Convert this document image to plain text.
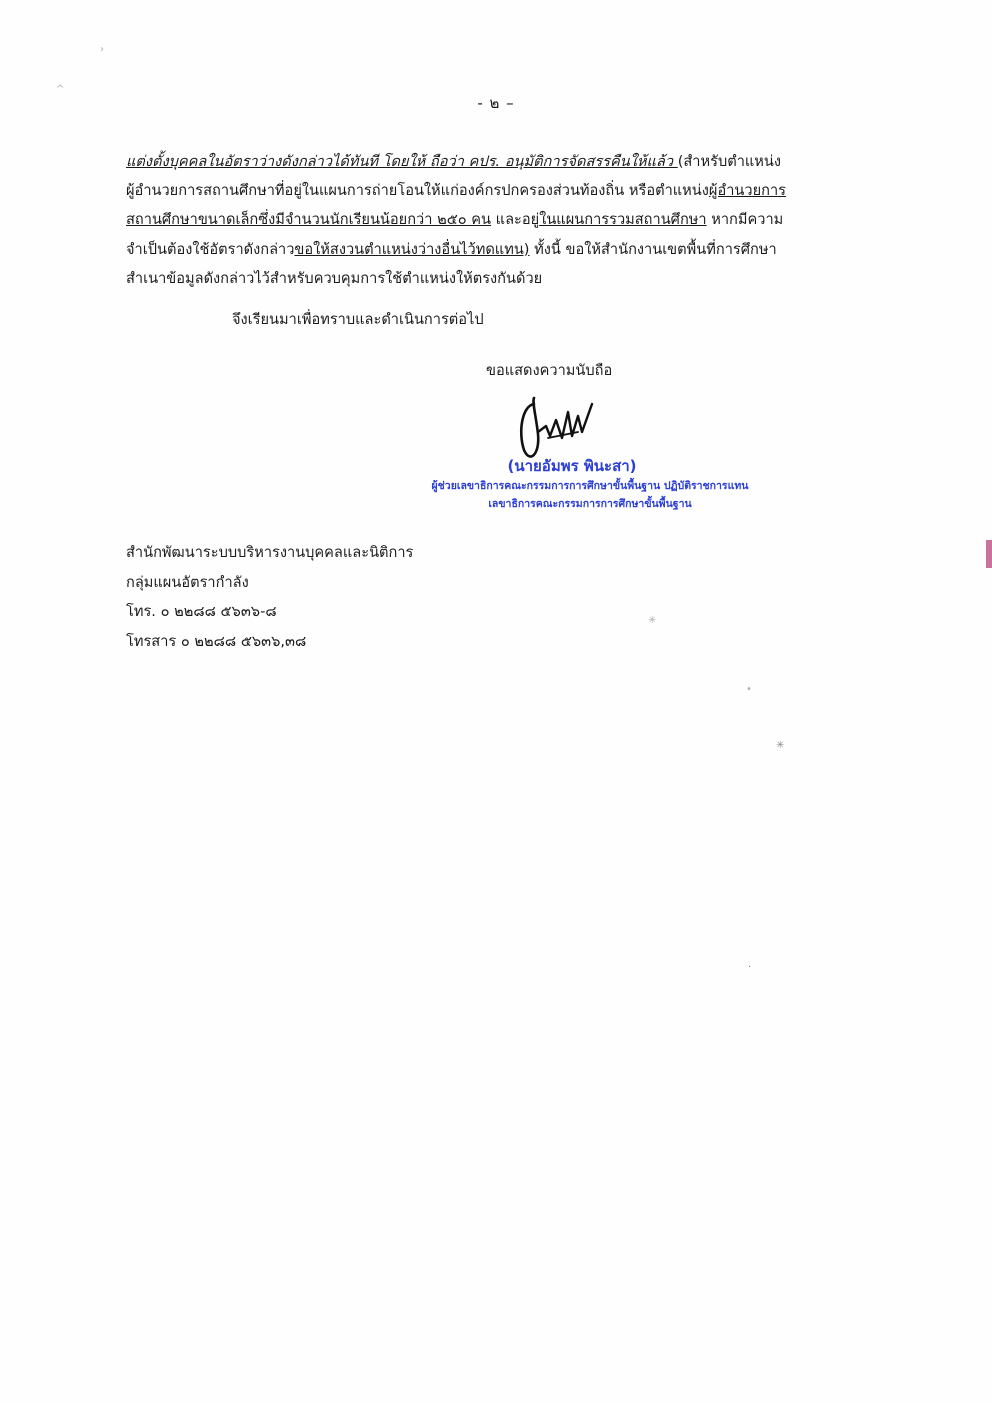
- ๒ –
แต่งตั้งบุคคลในอัตราว่างดังกล่าวได้ทันที โดยให้ ถือว่า คปร. อนุมัติการจัดสรรคืนให้แล้ว (สำหรับตำแหน่ง
ผู้อำนวยการสถานศึกษาที่อยู่ในแผนการถ่ายโอนให้แก่องค์กรปกครองส่วนท้องถิ่น หรือตำแหน่งผู้อำนวยการ
สถานศึกษาขนาดเล็กซึ่งมีจำนวนนักเรียนน้อยกว่า ๒๕๐ คน และอยู่ในแผนการรวมสถานศึกษา หากมีความ
จำเป็นต้องใช้อัตราดังกล่าวขอให้สงวนตำแหน่งว่างอื่นไว้ทดแทน) ทั้งนี้ ขอให้สำนักงานเขตพื้นที่การศึกษา
สำเนาข้อมูลดังกล่าวไว้สำหรับควบคุมการใช้ตำแหน่งให้ตรงกันด้วย
จึงเรียนมาเพื่อทราบและดำเนินการต่อไป
ขอแสดงความนับถือ
(นายอัมพร พินะสา)
ผู้ช่วยเลขาธิการคณะกรรมการการศึกษาขั้นพื้นฐาน ปฏิบัติราชการแทน
เลขาธิการคณะกรรมการการศึกษาขั้นพื้นฐาน
สำนักพัฒนาระบบบริหารงานบุคคลและนิติการ
กลุ่มแผนอัตรากำลัง
โทร. ๐ ๒๒๘๘ ๕๖๓๖-๘
โทรสาร ๐ ๒๒๘๘ ๕๖๓๖,๓๘
›
^
✳
•
✳
·
